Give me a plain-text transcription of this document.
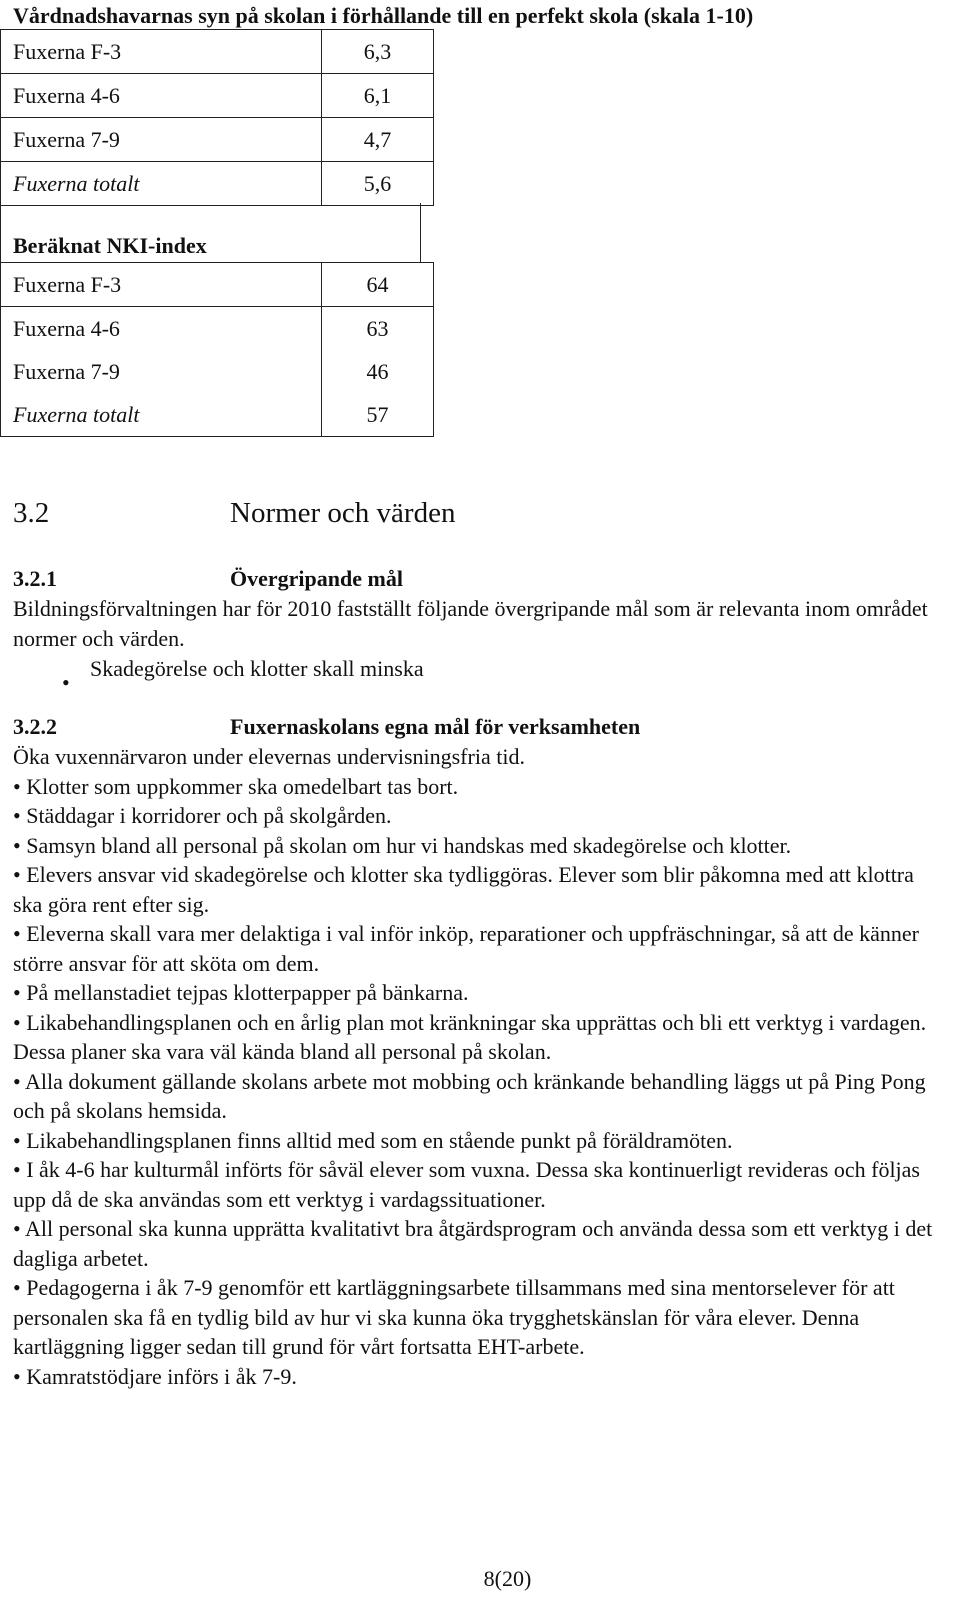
Vårdnadshavarnas syn på skolan i förhållande till en perfekt skola (skala 1-10)
Fuxerna F-3	6,3
Fuxerna 4-6	6,1
Fuxerna 7-9	4,7
Fuxerna totalt	5,6
Beräknat NKI-index
Fuxerna F-3	64
Fuxerna 4-6	63
Fuxerna 7-9	46
Fuxerna totalt	57
3.2	Normer och värden
3.2.1	Övergripande mål

Bildningsförvaltningen har för 2010 fastställt följande övergripande mål som är relevanta inom området normer och värden.

•

Skadegörelse och klotter skall minska

3.2.2	Fuxernaskolans egna mål för verksamheten
Öka vuxennärvaron under elevernas undervisningsfria tid.
• Klotter som uppkommer ska omedelbart tas bort.
• Städdagar i korridorer och på skolgården.
• Samsyn bland all personal på skolan om hur vi handskas med skadegörelse och klotter.
• Elevers ansvar vid skadegörelse och klotter ska tydliggöras. Elever som blir påkomna med att klottra ska göra rent efter sig.
• Eleverna skall vara mer delaktiga i val inför inköp, reparationer och uppfräschningar, så att de känner större ansvar för att sköta om dem.
• På mellanstadiet tejpas klotterpapper på bänkarna.
• Likabehandlingsplanen och en årlig plan mot kränkningar ska upprättas och bli ett verktyg i vardagen. Dessa planer ska vara väl kända bland all personal på skolan.
• Alla dokument gällande skolans arbete mot mobbing och kränkande behandling läggs ut på Ping Pong och på skolans hemsida.
• Likabehandlingsplanen finns alltid med som en stående punkt på föräldramöten.
• I åk 4-6 har kulturmål införts för såväl elever som vuxna. Dessa ska kontinuerligt revideras och följas upp då de ska användas som ett verktyg i vardagssituationer.
• All personal ska kunna upprätta kvalitativt bra åtgärdsprogram och använda dessa som ett verktyg i det dagliga arbetet.
• Pedagogerna i åk 7-9 genomför ett kartläggningsarbete tillsammans med sina mentorselever för att personalen ska få en tydlig bild av hur vi ska kunna öka trygghetskänslan för våra elever. Denna kartläggning ligger sedan till grund för vårt fortsatta EHT-arbete.
• Kamratstödjare införs i åk 7-9.
8(20)
